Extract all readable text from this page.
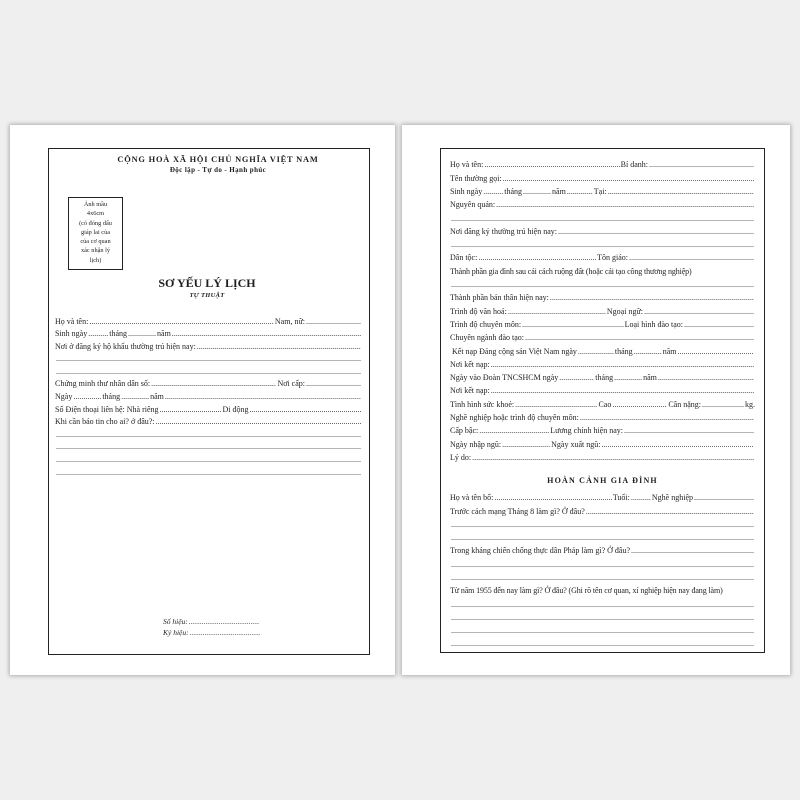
CỘNG HOÀ XÃ HỘI CHỦ NGHĨA VIỆT NAM
Độc lập - Tự do - Hạnh phúc
Ảnh mầu
4x6cm
(có đóng dấu
giáp lai của
của cơ quan
xác nhận lý
lịch)
SƠ YẾU LÝ LỊCH
TỰ THUẬT
Họ và tên: .....	Nam, nữ:
.....
Sinh ngày .....	tháng .....	năm
.....
Nơi ở đăng ký hộ khẩu thường trú hiện nay:
.....
.....
.....
Chứng minh thư nhân dân số: .....	Nơi cấp:
.....
Ngày .....	tháng .....	năm
.....
Số Điện thoại liên hệ: Nhà riêng .....	Di động
.....
Khi cần báo tin cho ai? ở đâu?:
.....
.....
.....
.....
.....
Số hiệu:
.....
Ký hiệu:
.....
Họ và tên: .....	Bí danh:
.....
Tên thường gọi:
.....
Sinh ngày .....	tháng .....	năm .....	Tại:
.....
Nguyên quán:
.....
.....
Nơi đăng ký thường trú hiện nay:
.....
.....
Dân tộc: .....	Tôn giáo:
.....
Thành phần gia đình sau cải cách ruộng đất (hoặc cải tạo công thương nghiệp)
.....
Thành phần bản thân hiện nay:
.....
Trình độ văn hoá: .....	Ngoại ngữ:
.....
Trình độ chuyên môn: .....	Loại hình đào tạo:
.....
Chuyên ngành đào tạo:
.....
Kết nạp Đảng cộng sản Việt Nam ngày .....	tháng .....	năm
.....
Nơi kết nạp:
.....
Ngày vào Đoàn TNCSHCM ngày .....	tháng .....	năm
.....
Nơi kết nạp:
.....
Tình hình sức khoẻ: .....	Cao .....	Cân nặng: .....	kg.
Nghề nghiệp hoặc trình độ chuyên môn:
.....
Cấp bậc: .....	Lương chính hiện nay:
.....
Ngày nhập ngũ: .....	Ngày xuất ngũ:
.....
Lý do:
.....
HOÀN CẢNH GIA ĐÌNH
Họ và tên bố: .....	Tuổi: .....	Nghề nghiệp
.....
Trước cách mạng Tháng 8 làm gì? Ở đâu?
.....
.....
.....
Trong kháng chiến chống thực dân Pháp làm gì? Ở đâu?
.....
.....
.....
Từ năm 1955 đến nay làm gì? Ở đâu? (Ghi rõ tên cơ quan, xí nghiệp hiện nay đang làm)
.....
.....
.....
.....
